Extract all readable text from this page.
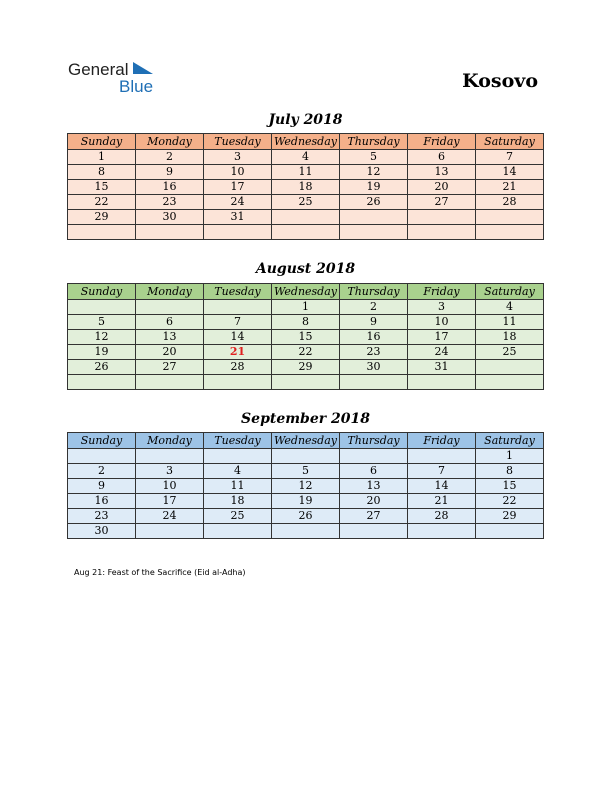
General
Blue	Kosovo
July 2018
Sunday	Monday	Tuesday	Wednesday	Thursday	Friday	Saturday
1	2	3	4	5	6	7
8	9	10	11	12	13	14
15	16	17	18	19	20	21
22	23	24	25	26	27	28
29	30	31				

August 2018
Sunday	Monday	Tuesday	Wednesday	Thursday	Friday	Saturday
			1	2	3	4
5	6	7	8	9	10	11
12	13	14	15	16	17	18
19	20	21	22	23	24	25
26	27	28	29	30	31	

September 2018
Sunday	Monday	Tuesday	Wednesday	Thursday	Friday	Saturday
						1
2	3	4	5	6	7	8
9	10	11	12	13	14	15
16	17	18	19	20	21	22
23	24	25	26	27	28	29
30						
Aug 21: Feast of the Sacrifice (Eid al-Adha)
